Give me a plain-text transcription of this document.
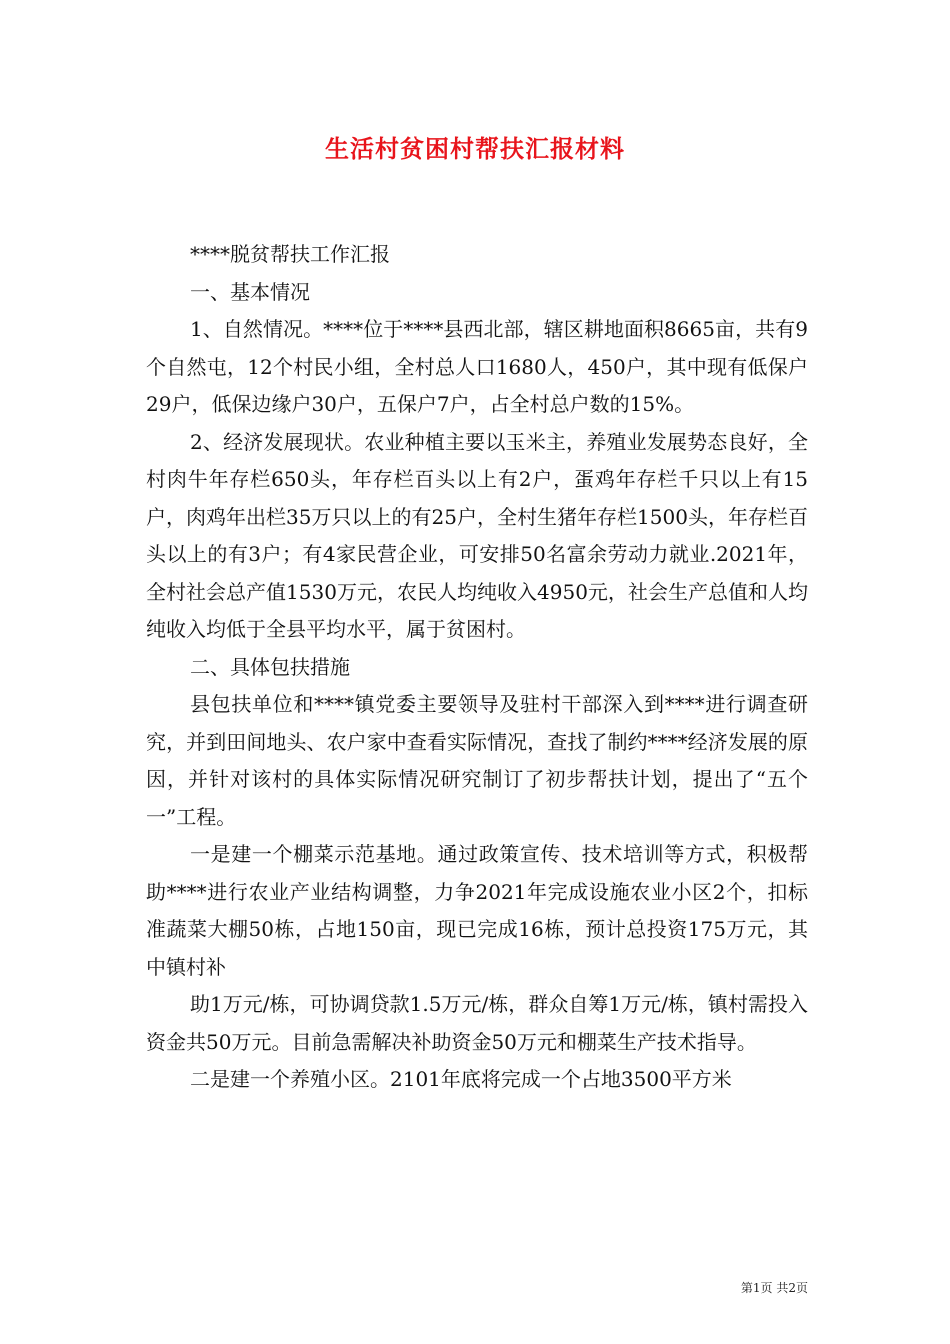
生活村贫困村帮扶汇报材料

****脱贫帮扶工作汇报

一、基本情况

1、自然情况。****位于****县西北部，辖区耕地面积8665亩，共有9个自然屯，12个村民小组，全村总人口1680人，450户，其中现有低保户29户，低保边缘户30户，五保户7户，占全村总户数的15%。

2、经济发展现状。农业种植主要以玉米主，养殖业发展势态良好，全村肉牛年存栏650头，年存栏百头以上有2户，蛋鸡年存栏千只以上有15户，肉鸡年出栏35万只以上的有25户，全村生猪年存栏1500头，年存栏百头以上的有3户；有4家民营企业，可安排50名富余劳动力就业.2021年，全村社会总产值1530万元，农民人均纯收入4950元，社会生产总值和人均纯收入均低于全县平均水平，属于贫困村。

二、具体包扶措施

县包扶单位和****镇党委主要领导及驻村干部深入到****进行调查研究，并到田间地头、农户家中查看实际情况，查找了制约****经济发展的原因，并针对该村的具体实际情况研究制订了初步帮扶计划，提出了“五个一”工程。

一是建一个棚菜示范基地。通过政策宣传、技术培训等方式，积极帮助****进行农业产业结构调整，力争2021年完成设施农业小区2个，扣标准蔬菜大棚50栋，占地150亩，现已完成16栋，预计总投资175万元，其中镇村补

助1万元/栋，可协调贷款1.5万元/栋，群众自筹1万元/栋，镇村需投入资金共50万元。目前急需解决补助资金50万元和棚菜生产技术指导。

二是建一个养殖小区。2101年底将完成一个占地3500平方米

第1页 共2页
